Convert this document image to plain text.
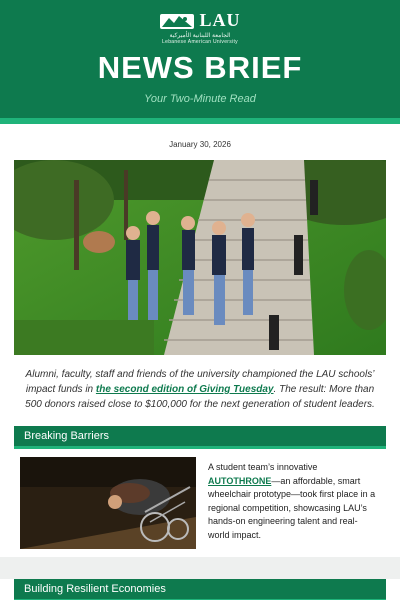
LAU
الجامعة اللبنانية الأميركية
Lebanese American University
NEWS BRIEF
Your Two-Minute Read
January 30, 2026
Alumni, faculty, staff and friends of the university championed the LAU schools’ impact funds in the second edition of Giving Tuesday. The result: More than 500 donors raised close to $100,000 for the next generation of student leaders.
Breaking Barriers
A student team’s innovative AUTOTHRONE—an affordable, smart wheelchair prototype—took first place in a regional competition, showcasing LAU’s hands-on engineering talent and real-world impact.
Building Resilient Economies
